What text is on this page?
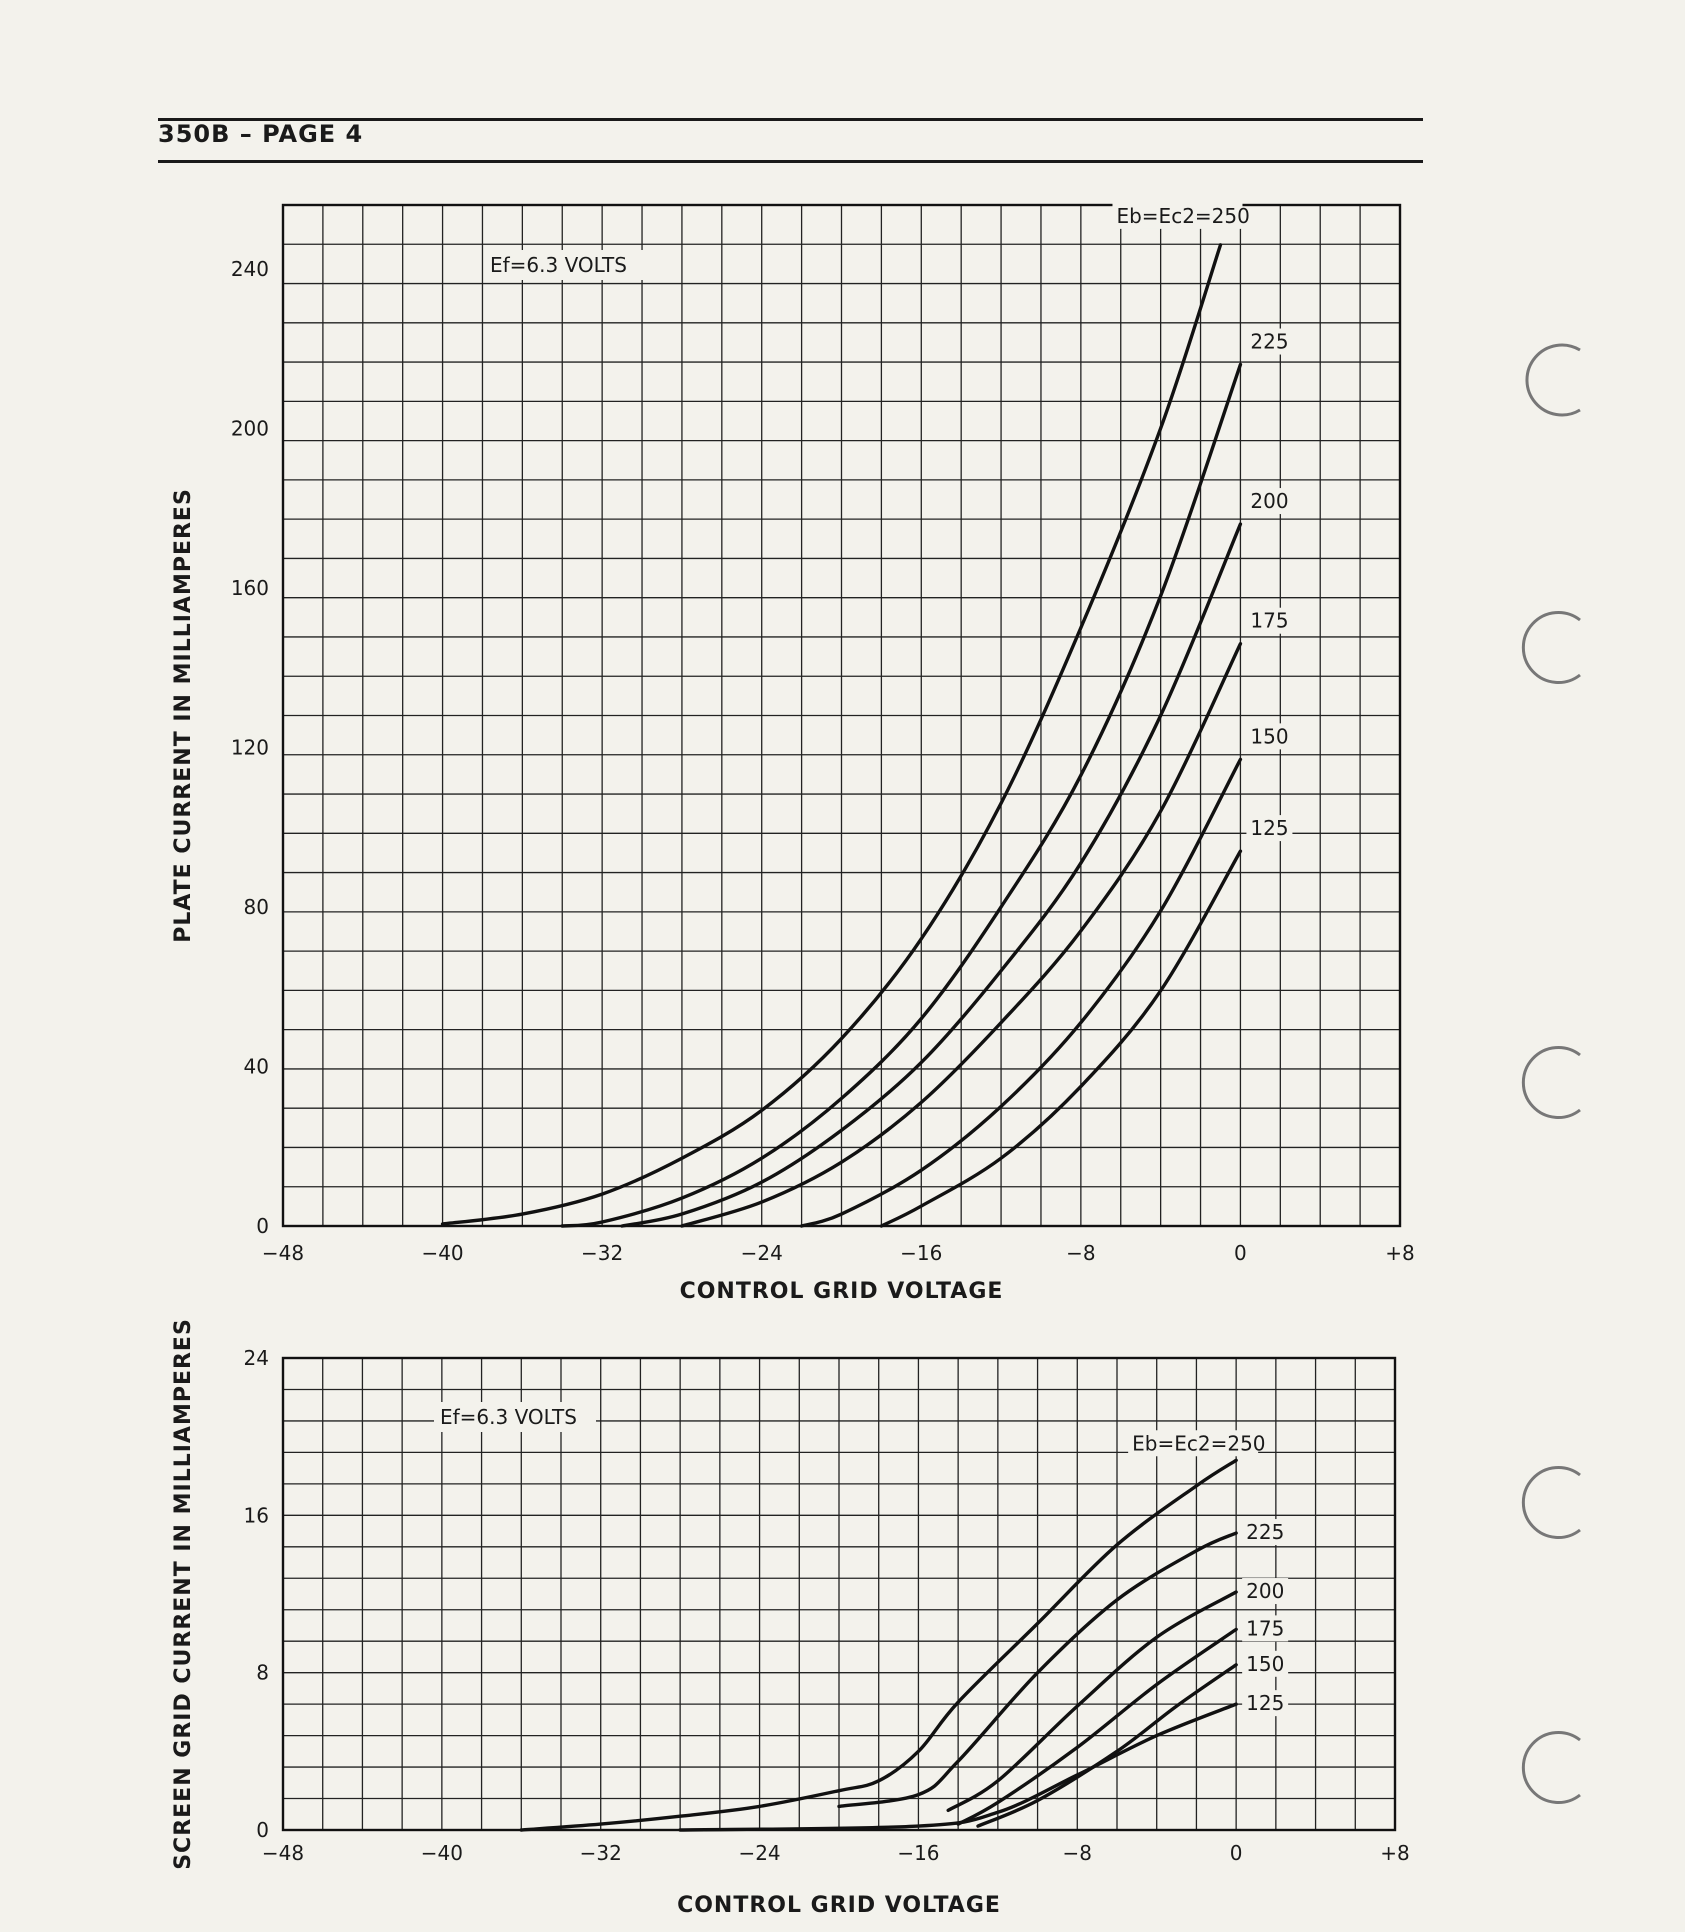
350B – PAGE 4
−48	−40	−32	−24	−16	−8	0	+8
0
40
80
120
160
200
240
CONTROL GRID VOLTAGE
PLATE CURRENT IN MILLIAMPERES
Ef=6.3 VOLTS
Eb=Ec2=250
225
200
175
150
125
−48	−40	−32	−24	−16	−8	0	+8
0
8
16
24
CONTROL GRID VOLTAGE
SCREEN GRID CURRENT IN MILLIAMPERES	Ef=6.3 VOLTS
Eb=Ec2=250
225
200
175
150
125
